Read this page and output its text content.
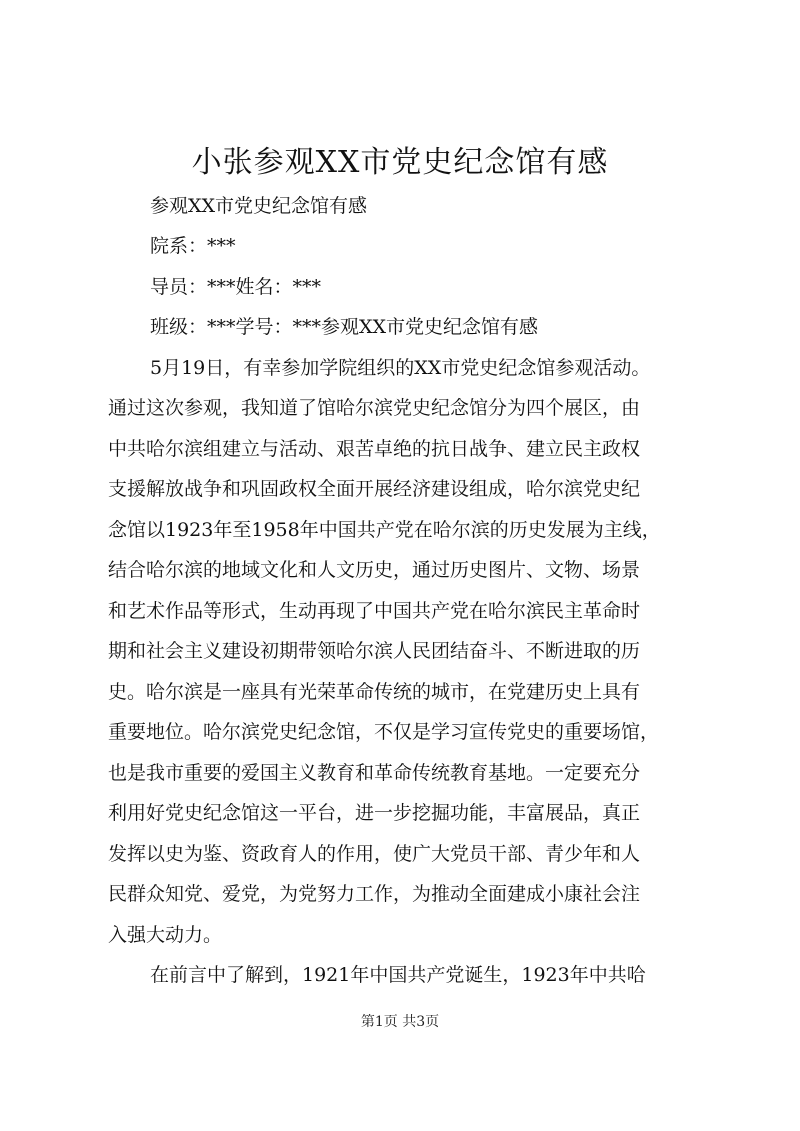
小张参观XX市党史纪念馆有感

参观XX市党史纪念馆有感

院系：***

导员：***姓名：***

班级：***学号：***参观XX市党史纪念馆有感

5月19日，有幸参加学院组织的XX市党史纪念馆参观活动。

通过这次参观，我知道了馆哈尔滨党史纪念馆分为四个展区，由

中共哈尔滨组建立与活动、艰苦卓绝的抗日战争、建立民主政权

支援解放战争和巩固政权全面开展经济建设组成，哈尔滨党史纪

念馆以1923年至1958年中国共产党在哈尔滨的历史发展为主线，

结合哈尔滨的地域文化和人文历史，通过历史图片、文物、场景

和艺术作品等形式，生动再现了中国共产党在哈尔滨民主革命时

期和社会主义建设初期带领哈尔滨人民团结奋斗、不断进取的历

史。哈尔滨是一座具有光荣革命传统的城市，在党建历史上具有

重要地位。哈尔滨党史纪念馆，不仅是学习宣传党史的重要场馆，

也是我市重要的爱国主义教育和革命传统教育基地。一定要充分

利用好党史纪念馆这一平台，进一步挖掘功能，丰富展品，真正

发挥以史为鉴、资政育人的作用，使广大党员干部、青少年和人

民群众知党、爱党，为党努力工作，为推动全面建成小康社会注

入强大动力。

在前言中了解到，1921年中国共产党诞生，1923年中共哈

第1页 共3页
